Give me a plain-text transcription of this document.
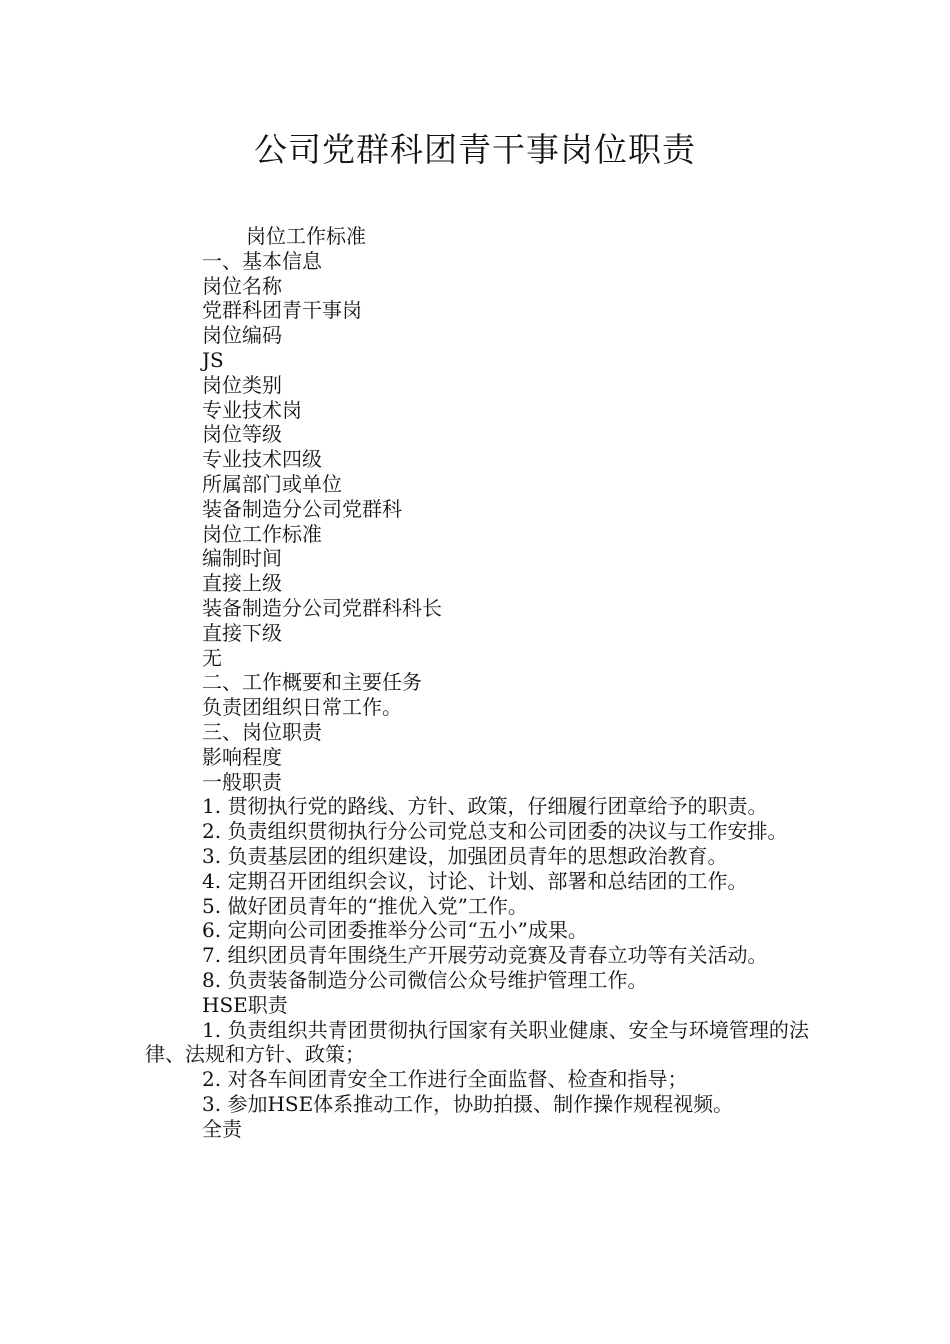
公司党群科团青干事岗位职责
岗位工作标准
一、基本信息
岗位名称
党群科团青干事岗
岗位编码
JS
岗位类别
专业技术岗
岗位等级
专业技术四级
所属部门或单位
装备制造分公司党群科
岗位工作标准
编制时间
直接上级
装备制造分公司党群科科长
直接下级
无
二、工作概要和主要任务
负责团组织日常工作。
三、岗位职责
影响程度
一般职责
1. 贯彻执行党的路线、方针、政策，仔细履行团章给予的职责。
2. 负责组织贯彻执行分公司党总支和公司团委的决议与工作安排。
3. 负责基层团的组织建设，加强团员青年的思想政治教育。
4. 定期召开团组织会议，讨论、计划、部署和总结团的工作。
5. 做好团员青年的“推优入党”工作。
6. 定期向公司团委推举分公司“五小”成果。
7. 组织团员青年围绕生产开展劳动竞赛及青春立功等有关活动。
8. 负责装备制造分公司微信公众号维护管理工作。
HSE职责
1. 负责组织共青团贯彻执行国家有关职业健康、安全与环境管理的法律、法规和方针、政策；
2. 对各车间团青安全工作进行全面监督、检查和指导；
3. 参加HSE体系推动工作，协助拍摄、制作操作规程视频。
全责
